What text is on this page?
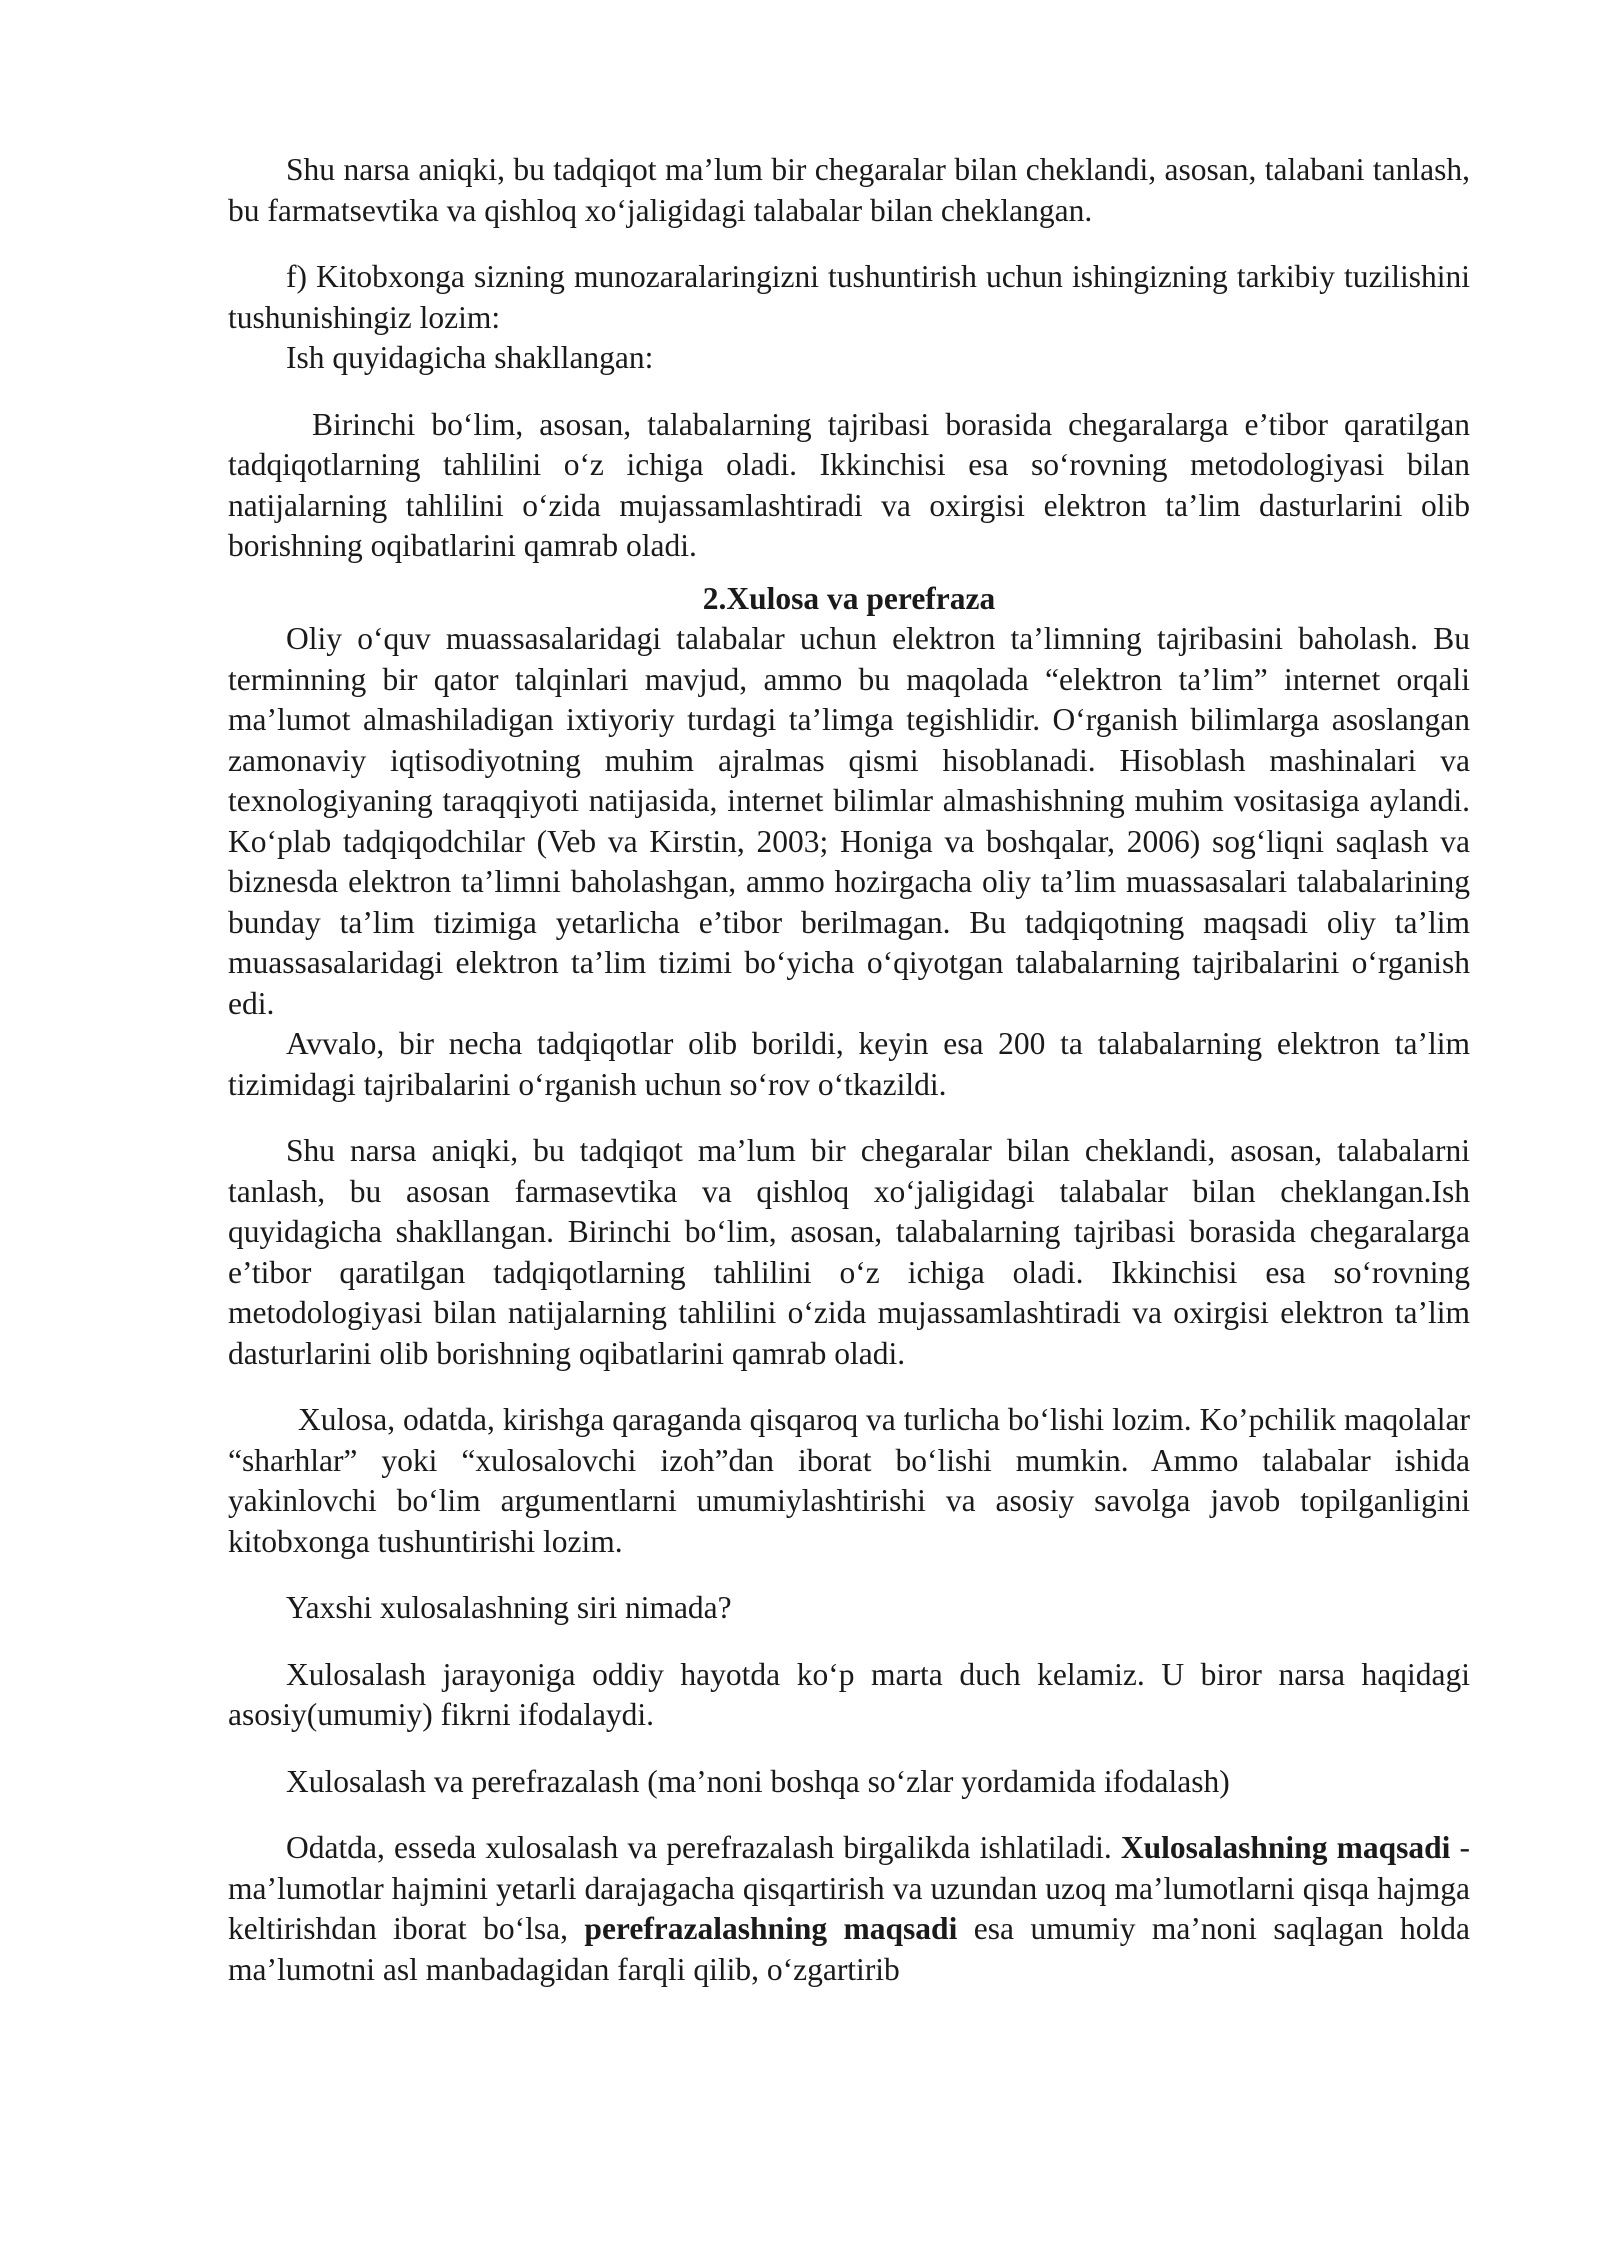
Shu narsa aniqki, bu tadqiqot ma’lum bir chegaralar bilan cheklandi, asosan, talabani tanlash, bu farmatsevtika va qishloq xo‘jaligidagi talabalar bilan cheklangan.

f) Kitobxonga sizning munozaralaringizni tushuntirish uchun ishingizning tarkibiy tuzilishini tushunishingiz lozim:

Ish quyidagicha shakllangan:

Birinchi bo‘lim, asosan, talabalarning tajribasi borasida chegaralarga e’tibor qaratilgan tadqiqotlarning tahlilini o‘z ichiga oladi. Ikkinchisi esa so‘rovning metodologiyasi bilan natijalarning tahlilini o‘zida mujassamlashtiradi va oxirgisi elektron ta’lim dasturlarini olib borishning oqibatlarini qamrab oladi.

2.Xulosa va perefraza

Oliy o‘quv muassasalaridagi talabalar uchun elektron ta’limning tajribasini baholash. Bu terminning bir qator talqinlari mavjud, ammo bu maqolada “elektron ta’lim” internet orqali ma’lumot almashiladigan ixtiyoriy turdagi ta’limga tegishlidir. O‘rganish bilimlarga asoslangan zamonaviy iqtisodiyotning muhim ajralmas qismi hisoblanadi. Hisoblash mashinalari va texnologiyaning taraqqiyoti natijasida, internet bilimlar almashishning muhim vositasiga aylandi. Ko‘plab tadqiqodchilar (Veb va Kirstin, 2003; Honiga va boshqalar, 2006) sog‘liqni saqlash va biznesda elektron ta’limni baholashgan, ammo hozirgacha oliy ta’lim muassasalari talabalarining bunday ta’lim tizimiga yetarlicha e’tibor berilmagan. Bu tadqiqotning maqsadi oliy ta’lim muassasalaridagi elektron ta’lim tizimi bo‘yicha o‘qiyotgan talabalarning tajribalarini o‘rganish edi.

Avvalo, bir necha tadqiqotlar olib borildi, keyin esa 200 ta talabalarning elektron ta’lim tizimidagi tajribalarini o‘rganish uchun so‘rov o‘tkazildi.

Shu narsa aniqki, bu tadqiqot ma’lum bir chegaralar bilan cheklandi, asosan, talabalarni tanlash, bu asosan farmasevtika va qishloq xo‘jaligidagi talabalar bilan cheklangan.Ish quyidagicha shakllangan. Birinchi bo‘lim, asosan, talabalarning tajribasi borasida chegaralarga e’tibor qaratilgan tadqiqotlarning tahlilini o‘z ichiga oladi. Ikkinchisi esa so‘rovning metodologiyasi bilan natijalarning tahlilini o‘zida mujassamlashtiradi va oxirgisi elektron ta’lim dasturlarini olib borishning oqibatlarini qamrab oladi.

Xulosa, odatda, kirishga qaraganda qisqaroq va turlicha bo‘lishi lozim. Ko’pchilik maqolalar “sharhlar” yoki “xulosalovchi izoh”dan iborat bo‘lishi mumkin. Ammo talabalar ishida yakinlovchi bo‘lim argumentlarni umumiylashtirishi va asosiy savolga javob topilganligini kitobxonga tushuntirishi lozim.

Yaxshi xulosalashning siri nimada?

Xulosalash jarayoniga oddiy hayotda ko‘p marta duch kelamiz. U biror narsa haqidagi asosiy(umumiy) fikrni ifodalaydi.

Xulosalash va perefrazalash (ma’noni boshqa so‘zlar yordamida ifodalash)

Odatda, esseda xulosalash va perefrazalash birgalikda ishlatiladi. Xulosalashning maqsadi - ma’lumotlar hajmini yetarli darajagacha qisqartirish va uzundan uzoq ma’lumotlarni qisqa hajmga keltirishdan iborat bo‘lsa, perefrazalashning maqsadi esa umumiy ma’noni saqlagan holda ma’lumotni asl manbadagidan farqli qilib, o‘zgartirib
